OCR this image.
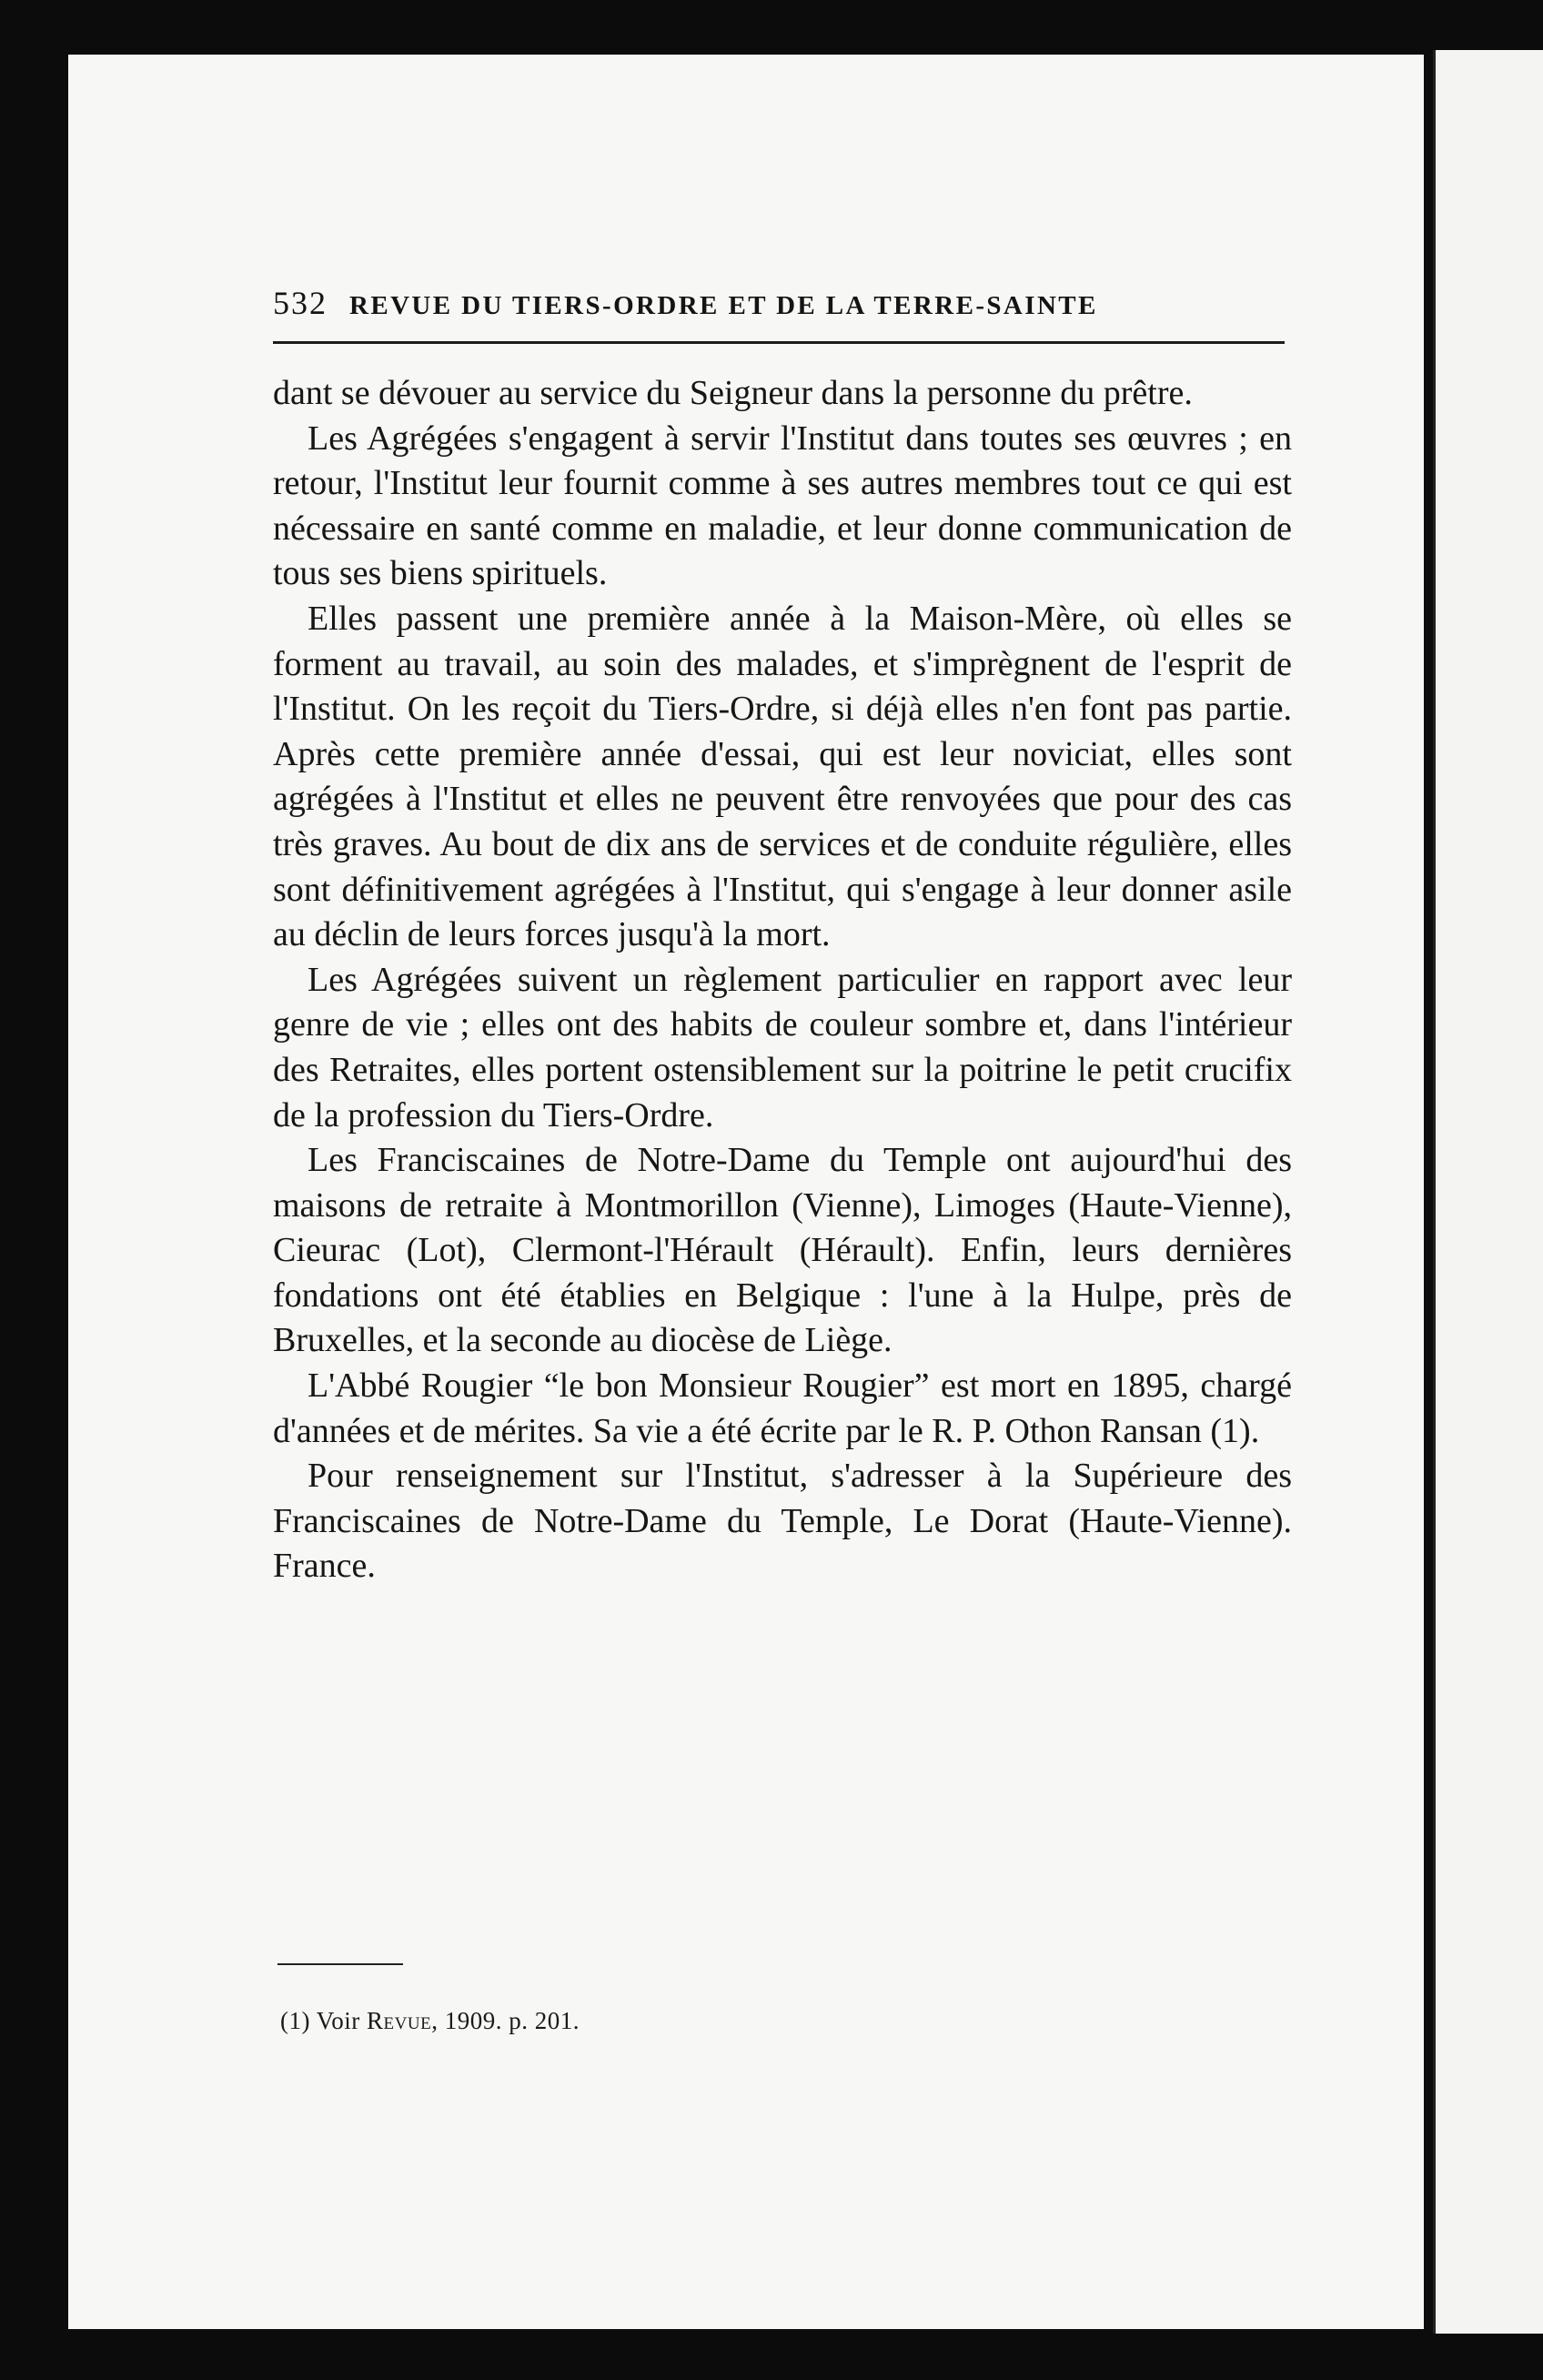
532 REVUE DU TIERS-ORDRE ET DE LA TERRE-SAINTE

dant se dévouer au service du Seigneur dans la personne du prêtre.

Les Agrégées s'engagent à servir l'Institut dans toutes ses œuvres ; en retour, l'Institut leur fournit comme à ses autres membres tout ce qui est nécessaire en santé comme en maladie, et leur donne communication de tous ses biens spirituels.

Elles passent une première année à la Maison-Mère, où elles se forment au travail, au soin des malades, et s'imprègnent de l'esprit de l'Institut. On les reçoit du Tiers-Ordre, si déjà elles n'en font pas partie. Après cette première année d'essai, qui est leur noviciat, elles sont agrégées à l'Institut et elles ne peuvent être renvoyées que pour des cas très graves. Au bout de dix ans de services et de conduite régulière, elles sont définitivement agrégées à l'Institut, qui s'engage à leur donner asile au déclin de leurs forces jusqu'à la mort.

Les Agrégées suivent un règlement particulier en rapport avec leur genre de vie ; elles ont des habits de couleur sombre et, dans l'intérieur des Retraites, elles portent ostensiblement sur la poitrine le petit crucifix de la profession du Tiers-Ordre.

Les Franciscaines de Notre-Dame du Temple ont aujourd'hui des maisons de retraite à Montmorillon (Vienne), Limoges (Haute-Vienne), Cieurac (Lot), Clermont-l'Hérault (Hérault). Enfin, leurs dernières fondations ont été établies en Belgique : l'une à la Hulpe, près de Bruxelles, et la seconde au diocèse de Liège.

L'Abbé Rougier “le bon Monsieur Rougier” est mort en 1895, chargé d'années et de mérites. Sa vie a été écrite par le R. P. Othon Ransan (1).

Pour renseignement sur l'Institut, s'adresser à la Supérieure des Franciscaines de Notre-Dame du Temple, Le Dorat (Haute-Vienne). France.

(1) Voir Revue, 1909. p. 201.
